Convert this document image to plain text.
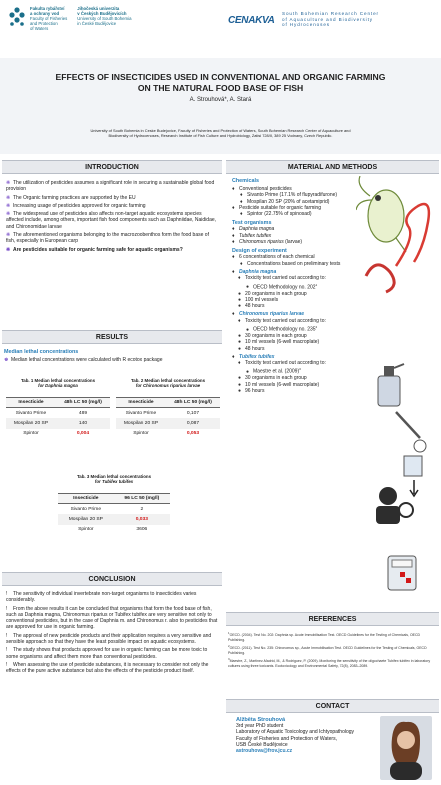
Fakulta rybářství
a ochrany vod
Faculty of Fisheries
and Protection
of Waters
Jihočeská univerzita
v Českých Budějovicích
University of South Bohemia
in České Budějovice	CENAKVA
South Bohemian Research Center
of Aquaculture and Biodiversity
of Hydrocenoses
EFFECTS OF INSECTICIDES USED IN CONVENTIONAL AND ORGANIC FARMING
ON THE NATURAL FOOD BASE OF FISH
A. Strouhová*, A. Stará
University of South Bohemia in Ceske Budejovice, Faculty of Fisheries and Protection of Waters, South Bohemian Research Center of Aquaculture and
Biodiversity of Hydrocenoses, Research Institute of Fish Culture and Hydrobiology, Zatisi 728/II, 389 25 Vodnany, Czech Republic.
INTRODUCTION
❋ The utilization of pesticides assumes a significant role in securing a sustainable global food provision
❋ The Organic farming practices are supported by the EU
❋ Increasing usage of pesticides approved for organic farming
❋ The widespread use of pesticides also affects non-target aquatic ecosystems species affected include, among others, important fish food components such as Daphniidae, Naididae, and Chironomidae larvae
❋ The aforementioned organisms belonging to the macrozoobenthos form the food base of fish, especially in European carp
❋ Are pesticides suitable for organic farming safe for aquatic organisms?
RESULTS
Median lethal concentrations
♚ Median lethal concentrations were calculated with R ecotox package
Tab. 1 Median lethal concentrations
for Daphnia magna
Insecticide	48h LC 50 (mg/l)
Sivanto Prime	489
Mospilan 20 SP	140
Spintor	0,004
Tab. 2 Median lethal concentrations
for Chironomus riparius larvae
Insecticide	48h LC 50 (mg/l)
Sivanto Prime	0,107
Mospilan 20 SP	0,087
Spintor	0,053
Tab. 3 Median lethal concentrations
for Tubifex tubifex
Insecticide	96 LC 50 (mg/l)
Sivanto Prime	2
Mospilan 20 SP	0,033
Spintor	3606
CONCLUSION
! The sensitivity of individual invertebrate non-target organisms to insecticides varies considerably.
! From the above results it can be concluded that organisms that form the food base of fish, such as Daphnia magna, Chironomus riparius or Tubifex tubifex are very sensitive not only to conventional pesticides, but in the case of Daphnia m. and Chironomus r. also to pesticides that are approved for use in organic farming.
! The approval of new pesticide products and their application requires a very sensitive and sensible approach so that they have the least possible impact on aquatic ecosystems.
! The study shows that products approved for use in organic farming can be more toxic to some organisms and affect them more than conventional pesticides.
! When assessing the use of pesticide substances, it is necessary to consider not only the effects of the pure active substance but also the effects of the pesticide product itself.
MATERIAL AND METHODS
Chemicals
♦ Conventional pesticides
♦ Sivanto Prime (17.1% of flupyradifurone)
♦ Mospilan 20 SP (20% of acetamiprid)
♦ Pesticide suitable for organic farming
♦ Spintor (22.75% of spinosad)
Test organisms
♦ Daphnia magna
♦ Tubifex tubifex
♦ Chironomus riparius (larvae)
Design of experiment
♦ 6 concentrations of each chemical
♦ Concentrations based on preliminary tests
♦ Daphnia magna
♦ Toxicity test carried out according to:
● OECD Methodology no. $202^1$
● 20 organisms in each group
● 100 ml vessels
● 48 hours
♦ Chironomus riparius larvae
♦ Toxicity test carried out according to:
● OECD Methodology no. $235^2$
● 30 organisms in each group
● 10 ml vessels (6-well macroplate)
● 48 hours
♦ Tubifex tubifex
♦ Toxicity test carried out according to:
● Maestre et al. $(2009)^3$
● 30 organisms in each group
● 10 ml vessels (6-well macroplate)
● 96 hours
REFERENCES
$^1$OECD. (2004). Test No. 202: Daphnia sp. Acute Immobilisation Test. OECD Guidelines for the Testing of Chemicals, OECD Publishing.
$^2$OECD. (2011). Test No. 235: Chironomus sp., Acute Immobilisation Test. OECD Guidelines for the Testing of Chemicals, OECD Publishing.
$^3$Maestre, Z., Martinez-Madrid, M., & Rodriguez, P. (2009). Monitoring the sensitivity of the oligochaete Tubifex tubifex in laboratory cultures using three toxicants. Ecotoxicology and Environmental Safety, 72(8), 2083–2089.
CONTACT
Alžběta Strouhová
3rd year PhD student
Laboratory of Aquatic Toxicology and Ichtyopathology
Faculty of Fisheries and Protection of Waters,
USB České Budějovice
astrouhova@frov.jcu.cz
